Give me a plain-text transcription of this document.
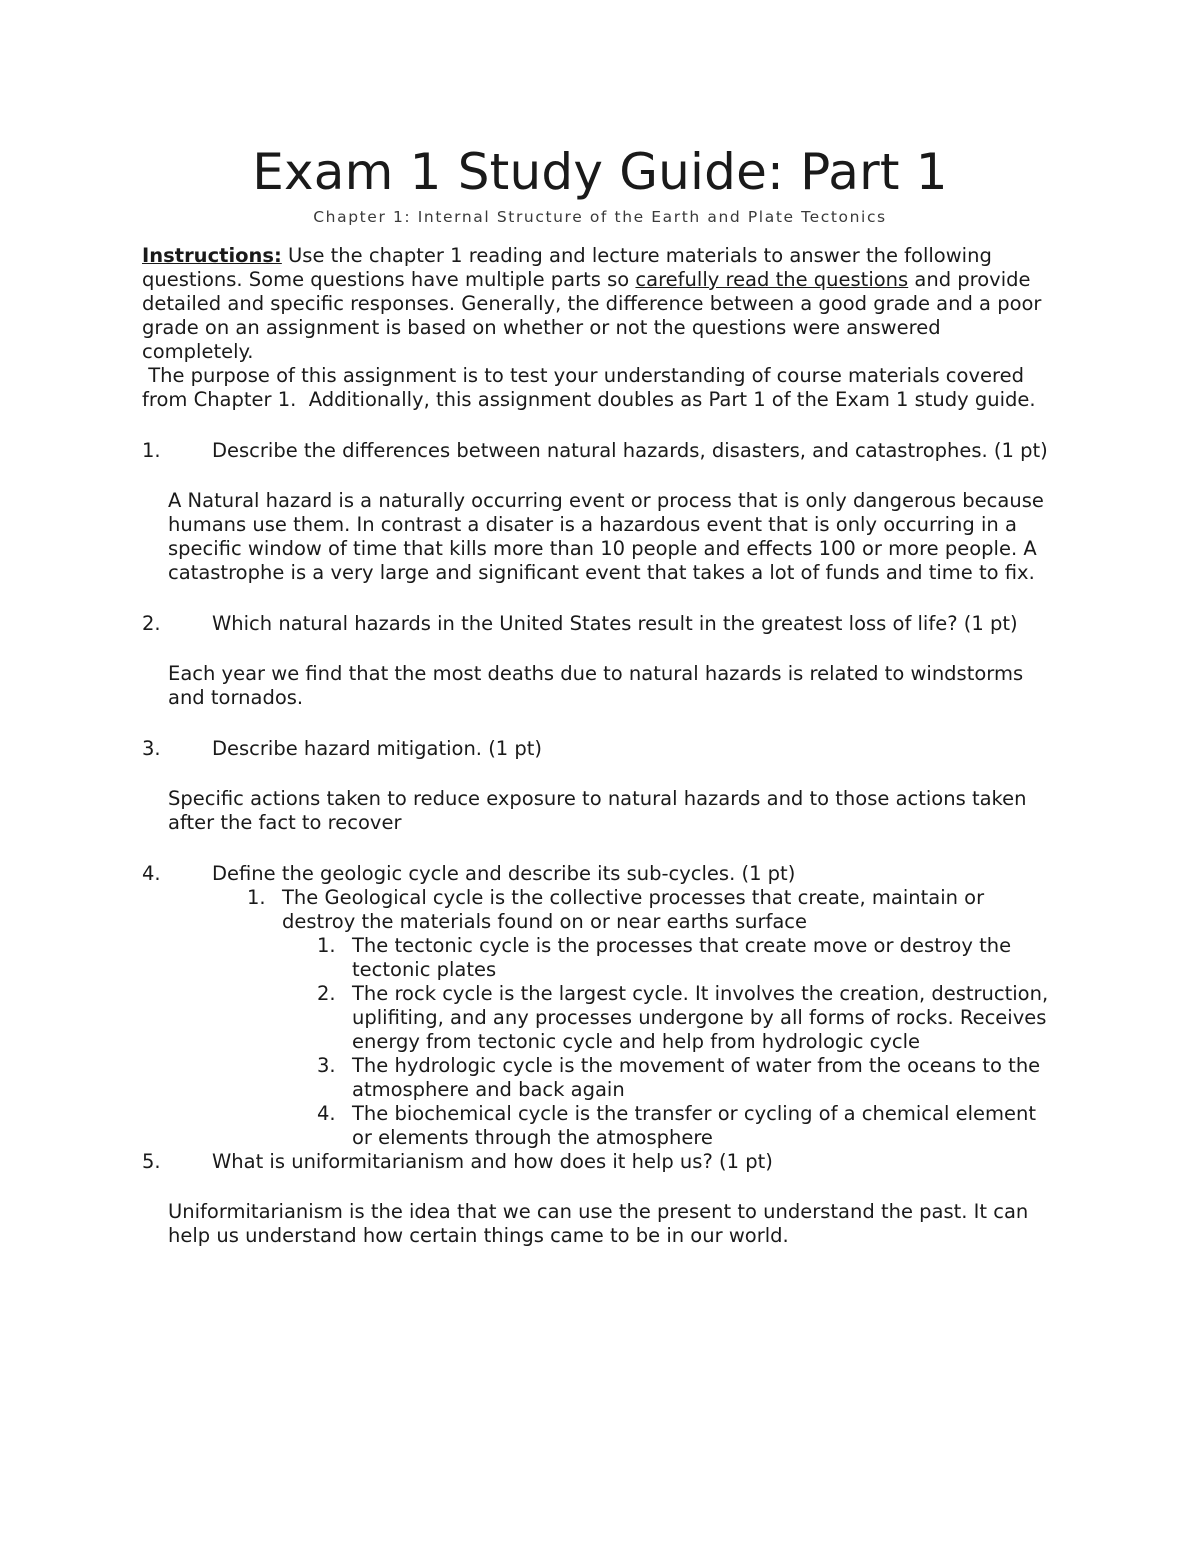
Exam 1 Study Guide: Part 1
Chapter 1: Internal Structure of the Earth and Plate Tectonics

Instructions: Use the chapter 1 reading and lecture materials to answer the following questions. Some questions have multiple parts so carefully read the questions and provide detailed and specific responses. Generally, the difference between a good grade and a poor grade on an assignment is based on whether or not the questions were answered completely.

The purpose of this assignment is to test your understanding of course materials covered from Chapter 1.  Additionally, this assignment doubles as Part 1 of the Exam 1 study guide.

1.	Describe the differences between natural hazards, disasters, and catastrophes. (1 pt)

A Natural hazard is a naturally occurring event or process that is only dangerous because humans use them. In contrast a disater is a hazardous event that is only occurring in a specific window of time that kills more than 10 people and effects 100 or more people. A catastrophe is a very large and significant event that takes a lot of funds and time to fix.

2.	Which natural hazards in the United States result in the greatest loss of life? (1 pt)

Each year we find that the most deaths due to natural hazards is related to windstorms and tornados.

3.	Describe hazard mitigation. (1 pt)

Specific actions taken to reduce exposure to natural hazards and to those actions taken after the fact to recover

4.	Define the geologic cycle and describe its sub-cycles. (1 pt)
1. The Geological cycle is the collective processes that create, maintain or destroy the materials found on or near earths surface
1. The tectonic cycle is the processes that create move or destroy the tectonic plates
2. The rock cycle is the largest cycle. It involves the creation, destruction, uplifiting, and any processes undergone by all forms of rocks. Receives energy from tectonic cycle and help from hydrologic cycle
3. The hydrologic cycle is the movement of water from the oceans to the atmosphere and back again
4. The biochemical cycle is the transfer or cycling of a chemical element or elements through the atmosphere
5.	What is uniformitarianism and how does it help us? (1 pt)

Uniformitarianism is the idea that we can use the present to understand the past. It can help us understand how certain things came to be in our world.
